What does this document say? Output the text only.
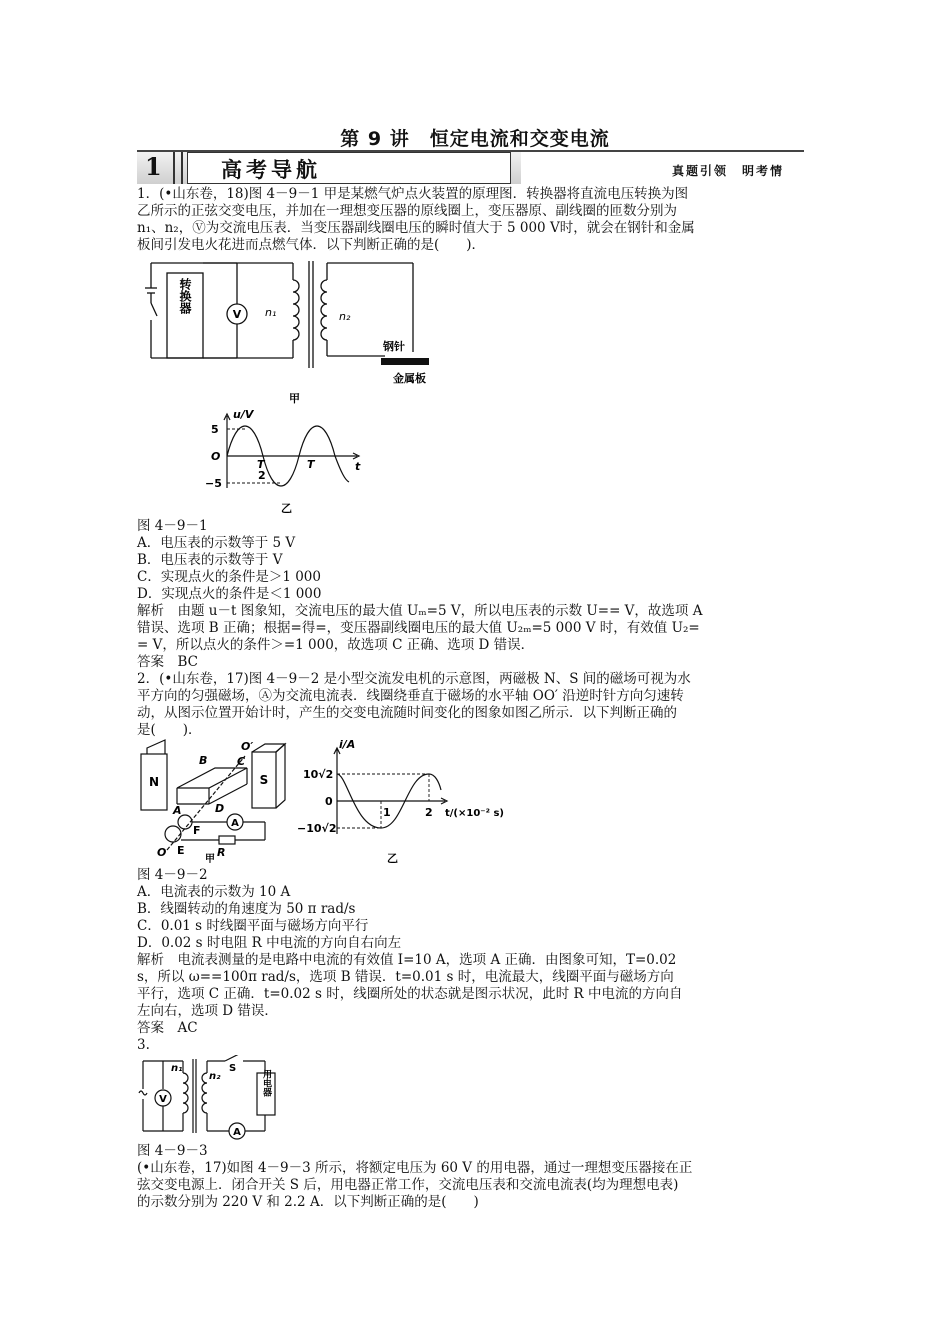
第 9 讲　恒定电流和交变电流
1	高考导航	真题引领　明考情
1．(•山东卷，18)图 4－9－1 甲是某燃气炉点火装置的原理图．转换器将直流电压转换为图
乙所示的正弦交变电压，并加在一理想变压器的原线圈上，变压器原、副线圈的匝数分别为
n₁、n₂，Ⓥ为交流电压表．当变压器副线圈电压的瞬时值大于 5 000 V时，就会在钢针和金属
板间引发电火花进而点燃气体．以下判断正确的是(　　)．
转换器
V n₁	n₂
钢针
金属板
甲
u/V
5
O
−5
T
2
T	t
乙
图 4－9－1
A．电压表的示数等于 5 V
B．电压表的示数等于 V
C．实现点火的条件是＞1 000
D．实现点火的条件是＜1 000
解析　由题 u－t 图象知，交流电压的最大值 Uₘ=5 V，所以电压表的示数 U== V，故选项 A
错误、选项 B 正确；根据=得=，变压器副线圈电压的最大值 U₂ₘ=5 000 V 时，有效值 U₂=
= V，所以点火的条件＞=1 000，故选项 C 正确、选项 D 错误．
答案　BC
2．(•山东卷，17)图 4－9－2 是小型交流发电机的示意图，两磁极 N、S 间的磁场可视为水
平方向的匀强磁场，Ⓐ为交流电流表．线圈绕垂直于磁场的水平轴 OO′ 沿逆时针方向匀速转
动，从图示位置开始计时，产生的交变电流随时间变化的图象如图乙所示．以下判断正确的
是(　　)．
N	S
O′
B	C
A	D
E
F
R
O
A
甲
i/A
10√2
0
−10√2
1	2 t/(×10⁻² s)
乙
图 4－9－2
A．电流表的示数为 10 A
B．线圈转动的角速度为 50 π rad/s
C．0.01 s 时线圈平面与磁场方向平行
D．0.02 s 时电阻 R 中电流的方向自右向左
解析　电流表测量的是电路中电流的有效值 I=10 A，选项 A 正确．由图象可知，T=0.02
s，所以 ω==100π rad/s，选项 B 错误．t=0.01 s 时，电流最大，线圈平面与磁场方向
平行，选项 C 正确．t=0.02 s 时，线圈所处的状态就是图示状况，此时 R 中电流的方向自
左向右，选项 D 错误．
答案　AC
3.
n₁
n₂
S
用电器
V
A
图 4－9－3
(•山东卷，17)如图 4－9－3 所示，将额定电压为 60 V 的用电器，通过一理想变压器接在正
弦交变电源上．闭合开关 S 后，用电器正常工作，交流电压表和交流电流表(均为理想电表)
的示数分别为 220 V 和 2.2 A．以下判断正确的是(　　)
